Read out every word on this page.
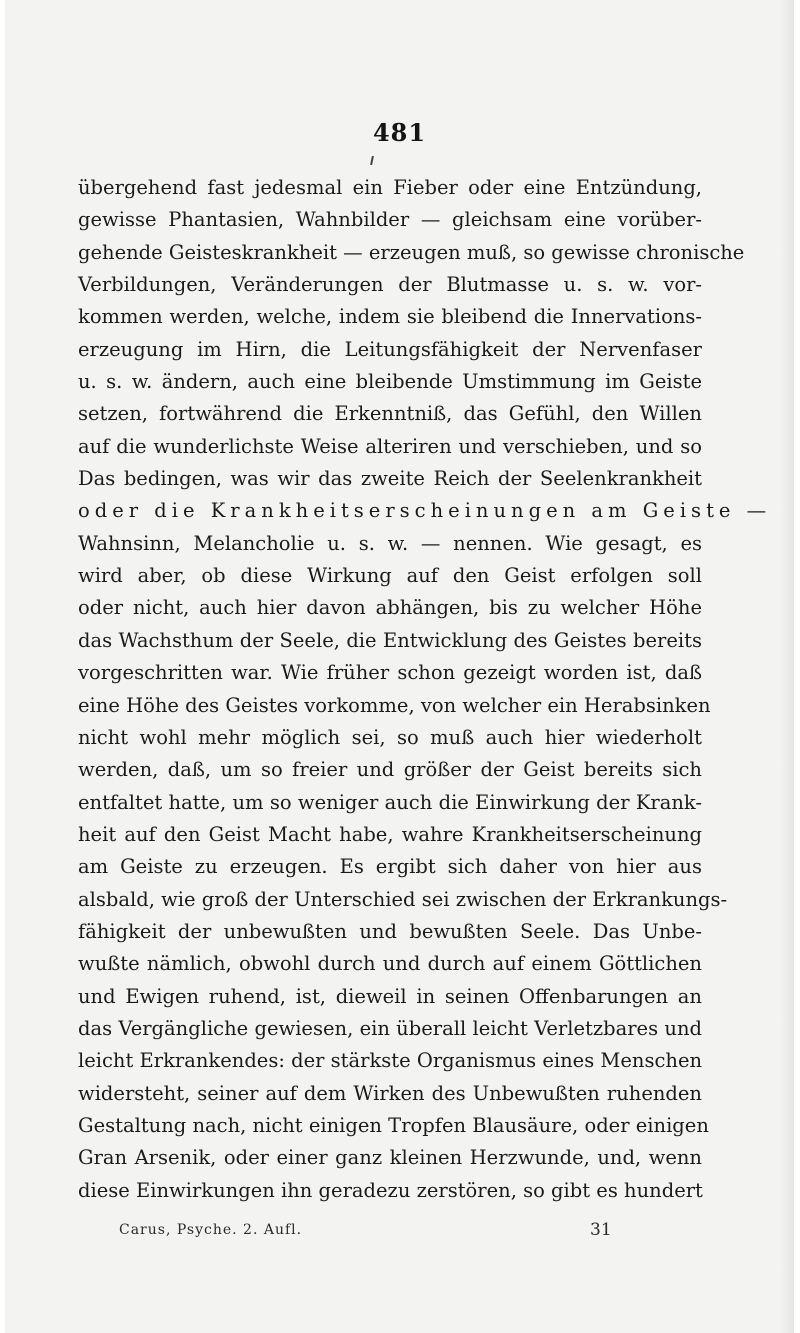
481
übergehend fast jedesmal ein Fieber oder eine Entzündung,
gewisse Phantasien, Wahnbilder — gleichsam eine vorüber-
gehende Geisteskrankheit — erzeugen muß, so gewisse chronische
Verbildungen, Veränderungen der Blutmasse u. s. w. vor-
kommen werden, welche, indem sie bleibend die Innervations-
erzeugung im Hirn, die Leitungsfähigkeit der Nervenfaser
u. s. w. ändern, auch eine bleibende Umstimmung im Geiste
setzen, fortwährend die Erkenntniß, das Gefühl, den Willen
auf die wunderlichste Weise alteriren und verschieben, und so
Das bedingen, was wir das zweite Reich der Seelenkrankheit
oder die Krankheitserscheinungen am Geiste —
Wahnsinn, Melancholie u. s. w. — nennen. Wie gesagt, es
wird aber, ob diese Wirkung auf den Geist erfolgen soll
oder nicht, auch hier davon abhängen, bis zu welcher Höhe
das Wachsthum der Seele, die Entwicklung des Geistes bereits
vorgeschritten war. Wie früher schon gezeigt worden ist, daß
eine Höhe des Geistes vorkomme, von welcher ein Herabsinken
nicht wohl mehr möglich sei, so muß auch hier wiederholt
werden, daß, um so freier und größer der Geist bereits sich
entfaltet hatte, um so weniger auch die Einwirkung der Krank-
heit auf den Geist Macht habe, wahre Krankheitserscheinung
am Geiste zu erzeugen. Es ergibt sich daher von hier aus
alsbald, wie groß der Unterschied sei zwischen der Erkrankungs-
fähigkeit der unbewußten und bewußten Seele. Das Unbe-
wußte nämlich, obwohl durch und durch auf einem Göttlichen
und Ewigen ruhend, ist, dieweil in seinen Offenbarungen an
das Vergängliche gewiesen, ein überall leicht Verletzbares und
leicht Erkrankendes: der stärkste Organismus eines Menschen
widersteht, seiner auf dem Wirken des Unbewußten ruhenden
Gestaltung nach, nicht einigen Tropfen Blausäure, oder einigen
Gran Arsenik, oder einer ganz kleinen Herzwunde, und, wenn
diese Einwirkungen ihn geradezu zerstören, so gibt es hundert
Carus, Psyche. 2. Aufl.	31
